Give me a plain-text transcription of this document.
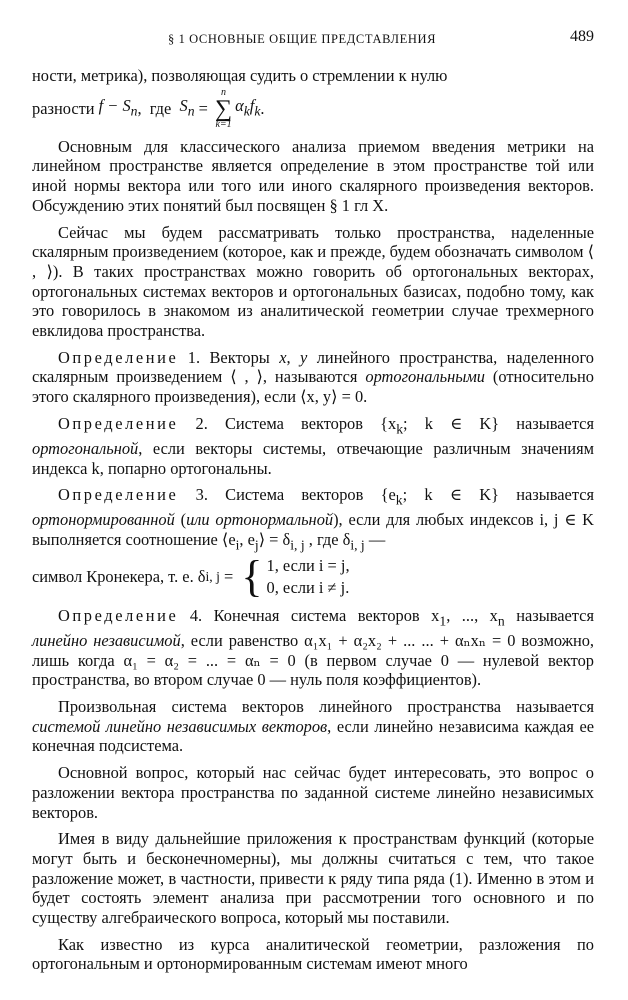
§ 1 ОСНОВНЫЕ ОБЩИЕ ПРЕДСТАВЛЕНИЯ	489

ности, метрика), позволяющая судить о стремлении к нулю

разности $f - S_n$ ,  где $S_n$ =
n
∑
k=1
$\alpha_kf_k$ .

Основным для классического анализа приемом введения метрики на линейном пространстве является определение в этом пространстве той или иной нормы вектора или того или иного скалярного произведения векторов. Обсуждению этих понятий был посвящен § 1 гл X.

Сейчас мы будем рассматривать только пространства, наделенные скалярным произведением (которое, как и прежде, будем обозначать символом ⟨ , ⟩). В таких пространствах можно говорить об ортогональных векторах, ортогональных системах векторов и ортогональных базисах, подобно тому, как это говорилось в знакомом из аналитической геометрии случае трехмерного евклидова пространства.

Определение 1. Векторы x, y линейного пространства, наделенного скалярным произведением ⟨ , ⟩, называются ортогональными (относительно этого скалярного произведения), если ⟨x, y⟩ = 0.

Определение 2. Система векторов {$x_k$; k ∈ K} называется ортогональной, если векторы системы, отвечающие различным значениям индекса k, попарно ортогональны.

Определение 3. Система векторов {$e_k$; k ∈ K} называется ортонормированной (или ортонормальной), если для любых индексов i, j ∈ K выполняется соотношение $⟨e_i$, $e_j⟩ = \delta_{i, j}$ , где $\delta_{i, j}$ —

символ Кронекера, т. е. δ i, j = { 1, если i = j,
0, если i ≠ j.

Определение 4. Конечная система векторов $x_1$, ..., $x_n$ называется линейно независимой, если равенство α₁x₁ + α₂x₂ + ... ... + αₙxₙ = 0 возможно, лишь когда α₁ = α₂ = ... = αₙ = 0 (в первом случае 0 — нулевой вектор пространства, во втором случае 0 — нуль поля коэффициентов).

Произвольная система векторов линейного пространства называется системой линейно независимых векторов, если линейно независима каждая ее конечная подсистема.

Основной вопрос, который нас сейчас будет интересовать, это вопрос о разложении вектора пространства по заданной системе линейно независимых векторов.

Имея в виду дальнейшие приложения к пространствам функций (которые могут быть и бесконечномерны), мы должны считаться с тем, что такое разложение может, в частности, привести к ряду типа ряда (1). Именно в этом и будет состоять элемент анализа при рассмотрении того основного и по существу алгебраического вопроса, который мы поставили.

Как известно из курса аналитической геометрии, разложения по ортогональным и ортонормированным системам имеют много
